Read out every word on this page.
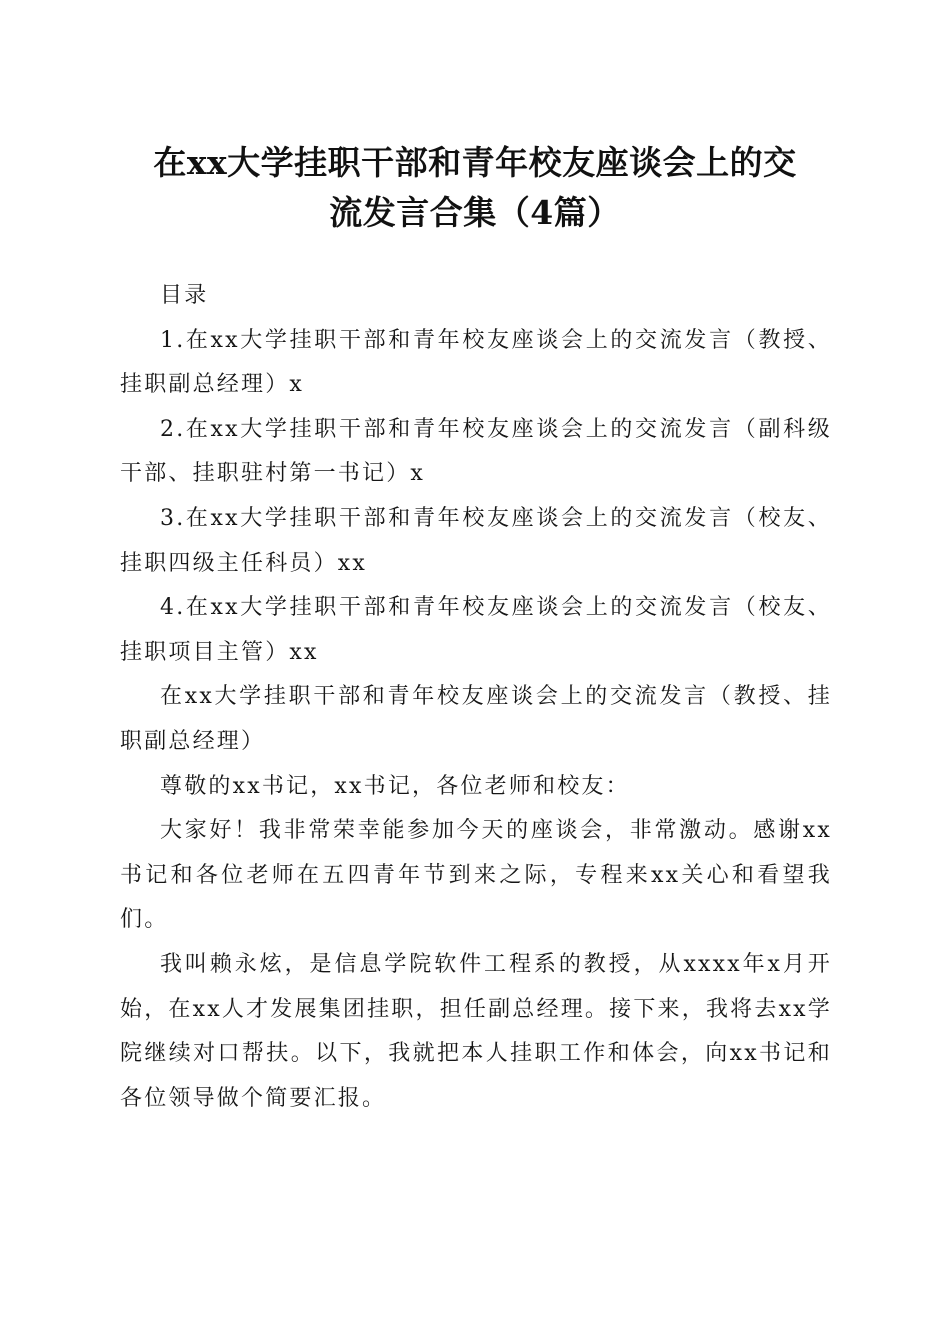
在xx大学挂职干部和青年校友座谈会上的交
流发言合集（4篇）

目录

1.在xx大学挂职干部和青年校友座谈会上的交流发言（教授、挂职副总经理）x

2.在xx大学挂职干部和青年校友座谈会上的交流发言（副科级干部、挂职驻村第一书记）x

3.在xx大学挂职干部和青年校友座谈会上的交流发言（校友、挂职四级主任科员）xx

4.在xx大学挂职干部和青年校友座谈会上的交流发言（校友、挂职项目主管）xx

在xx大学挂职干部和青年校友座谈会上的交流发言（教授、挂职副总经理）

尊敬的xx书记，xx书记，各位老师和校友：

大家好！我非常荣幸能参加今天的座谈会，非常激动。感谢xx书记和各位老师在五四青年节到来之际，专程来xx关心和看望我们。

我叫赖永炫，是信息学院软件工程系的教授，从xxxx年x月开始，在xx人才发展集团挂职，担任副总经理。接下来，我将去xx学院继续对口帮扶。以下，我就把本人挂职工作和体会，向xx书记和各位领导做个简要汇报。
